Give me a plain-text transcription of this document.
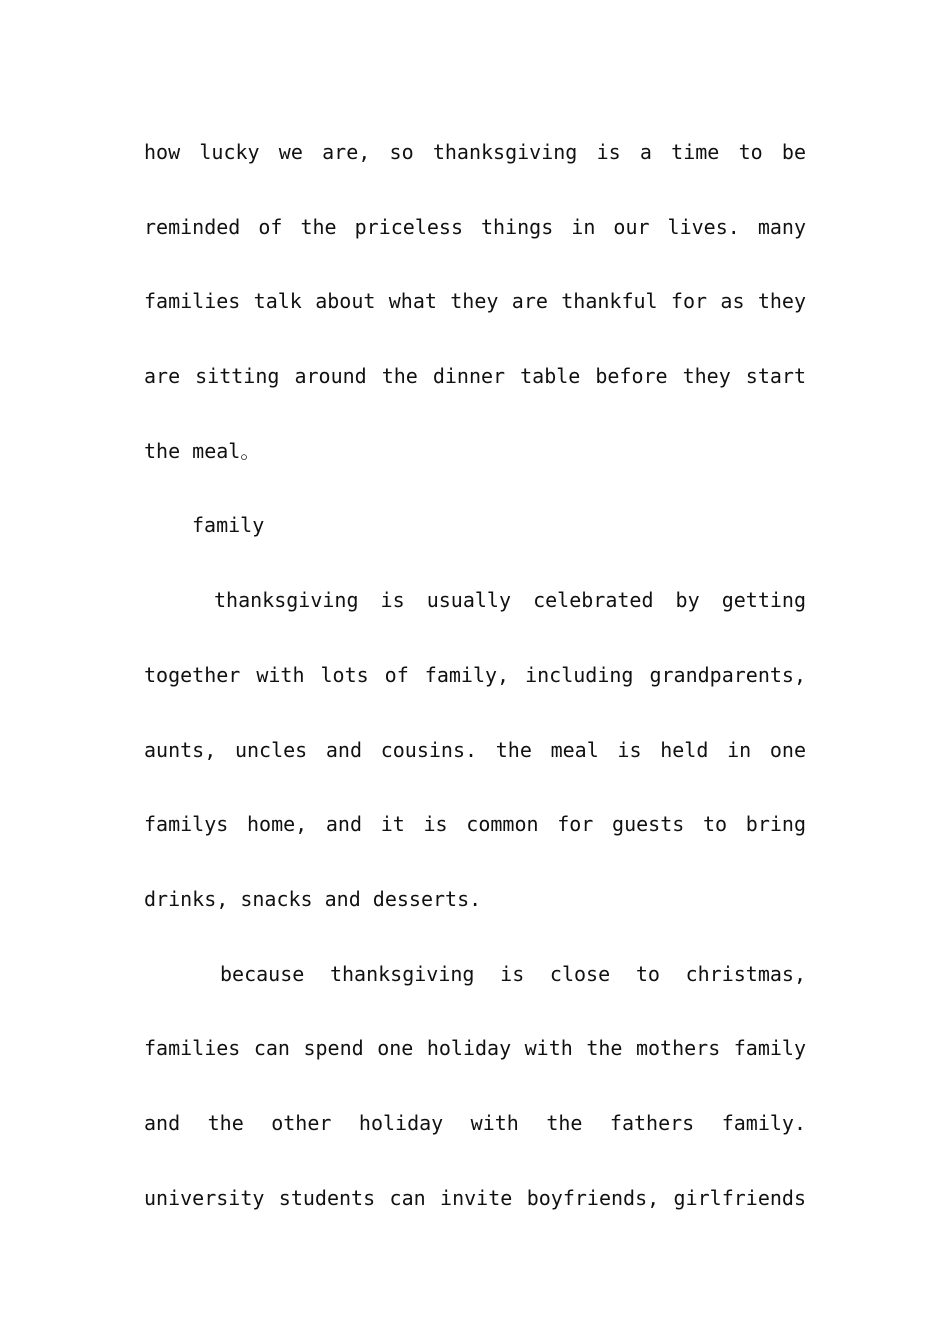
how lucky we are, so thanksgiving is a time to be
reminded of the priceless things in our lives. many
families talk about what they are thankful for as they
are sitting around the dinner table before they start
the meal。
family
thanksgiving is usually celebrated by getting
together with lots of family, including grandparents,
aunts, uncles and cousins. the meal is held in one
familys home, and it is common for guests to bring
drinks, snacks and desserts.
because thanksgiving is close to christmas,
families can spend one holiday with the mothers family
and the other holiday with the fathers family.
university students can invite boyfriends, girlfriends
